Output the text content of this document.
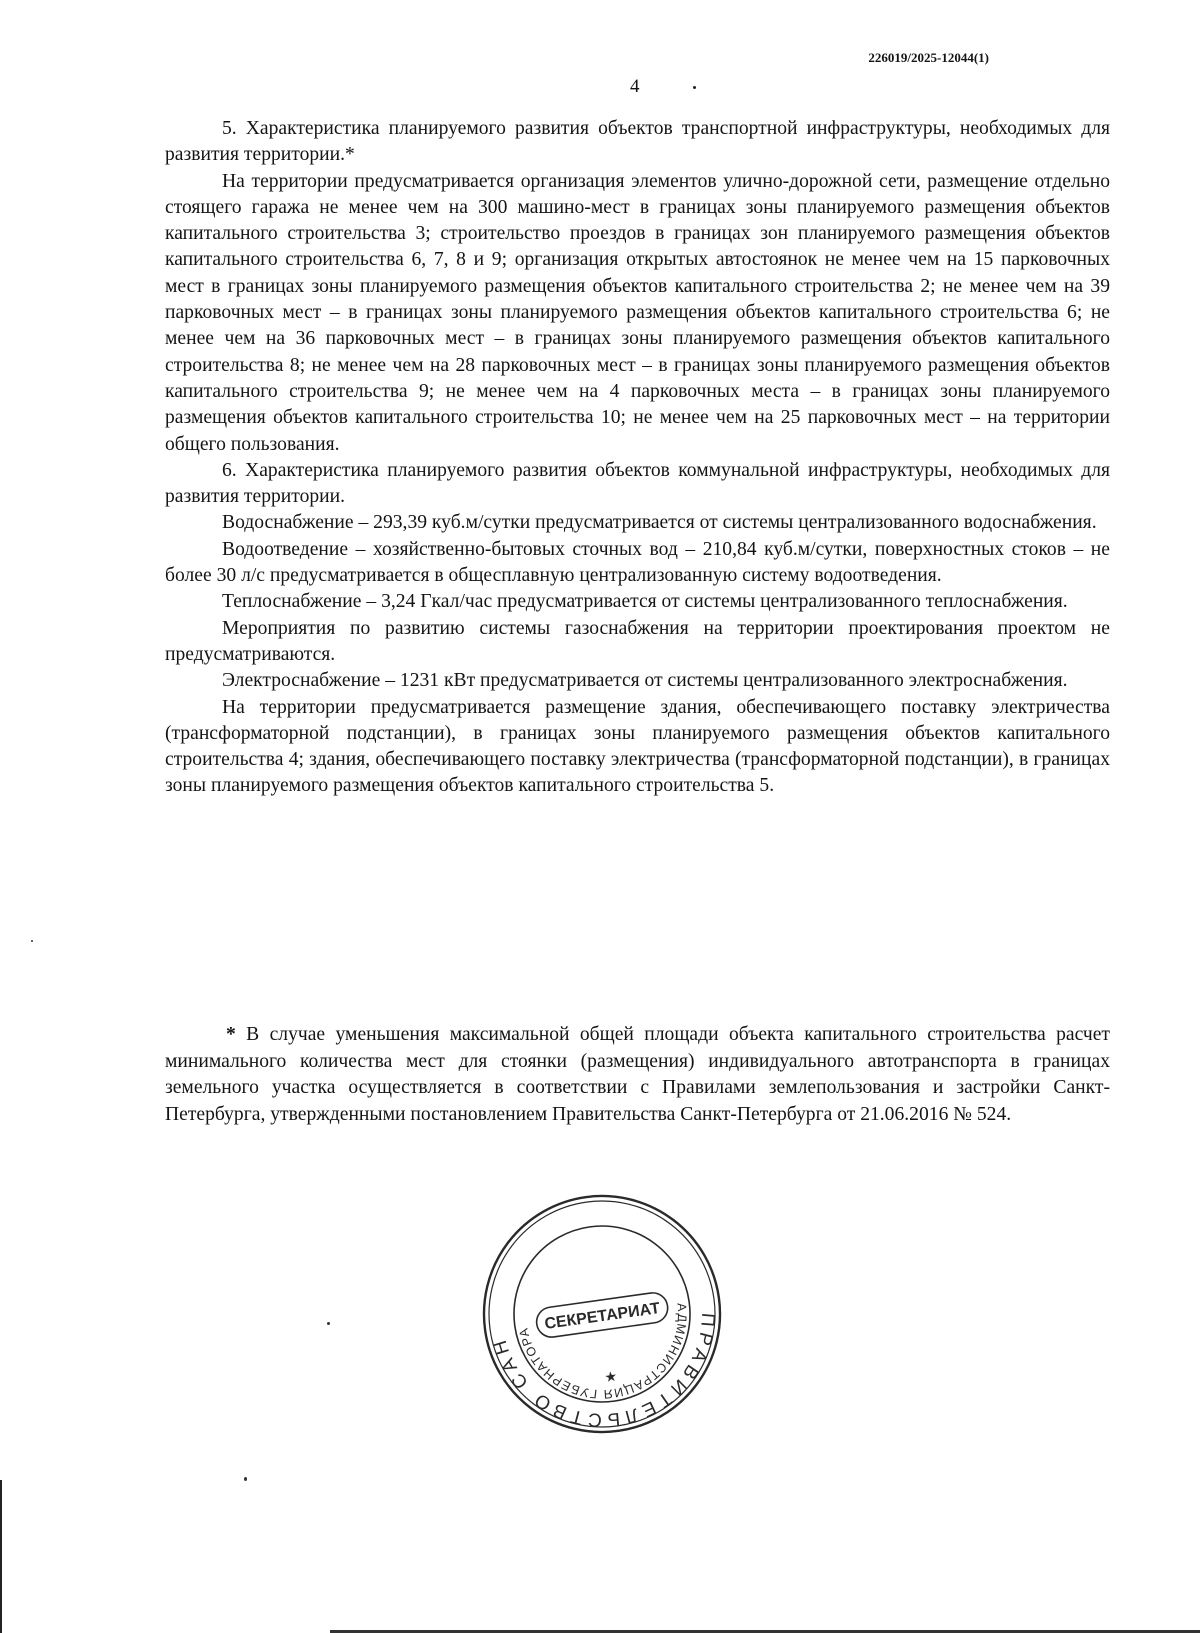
226019/2025-12044(1)
4

5. Характеристика планируемого развития объектов транспортной инфраструктуры, необходимых для развития территории.*

На территории предусматривается организация элементов улично-дорожной сети, размещение отдельно стоящего гаража не менее чем на 300 машино-мест в границах зоны планируемого размещения объектов капитального строительства 3; строительство проездов в границах зон планируемого размещения объектов капитального строительства 6, 7, 8 и 9; организация открытых автостоянок не менее чем на 15 парковочных мест в границах зоны планируемого размещения объектов капитального строительства 2; не менее чем на 39 парковочных мест – в границах зоны планируемого размещения объектов капитального строительства 6; не менее чем на 36 парковочных мест – в границах зоны планируемого размещения объектов капитального строительства 8; не менее чем на 28 парковочных мест – в границах зоны планируемого размещения объектов капитального строительства 9; не менее чем на 4 парковочных места – в границах зоны планируемого размещения объектов капитального строительства 10; не менее чем на 25 парковочных мест – на территории общего пользования.

6. Характеристика планируемого развития объектов коммунальной инфраструктуры, необходимых для развития территории.

Водоснабжение – 293,39 куб.м/сутки предусматривается от системы централизованного водоснабжения.

Водоотведение – хозяйственно-бытовых сточных вод – 210,84 куб.м/сутки, поверхностных стоков – не более 30 л/с предусматривается в общесплавную централизованную систему водоотведения.

Теплоснабжение – 3,24 Гкал/час предусматривается от системы централизованного теплоснабжения.

Мероприятия по развитию системы газоснабжения на территории проектирования проектом не предусматриваются.

Электроснабжение – 1231 кВт предусматривается от системы централизованного электроснабжения.

На территории предусматривается размещение здания, обеспечивающего поставку электричества (трансформаторной подстанции), в границах зоны планируемого размещения объектов капитального строительства 4; здания, обеспечивающего поставку электричества (трансформаторной подстанции), в границах зоны планируемого размещения объектов капитального строительства 5.

* В случае уменьшения максимальной общей площади объекта капитального строительства расчет минимального количества мест для стоянки (размещения) индивидуального автотранспорта в границах земельного участка осуществляется в соответствии с Правилами землепользования и застройки Санкт-Петербурга, утвержденными постановлением Правительства Санкт-Петербурга от 21.06.2016 № 524.
ПРАВИТЕЛЬСТВО САНКТ-ПЕТЕРБУРГА
АДМИНИСТРАЦИЯ ГУБЕРНАТОРА СЕКРЕТАРИАТ
★
